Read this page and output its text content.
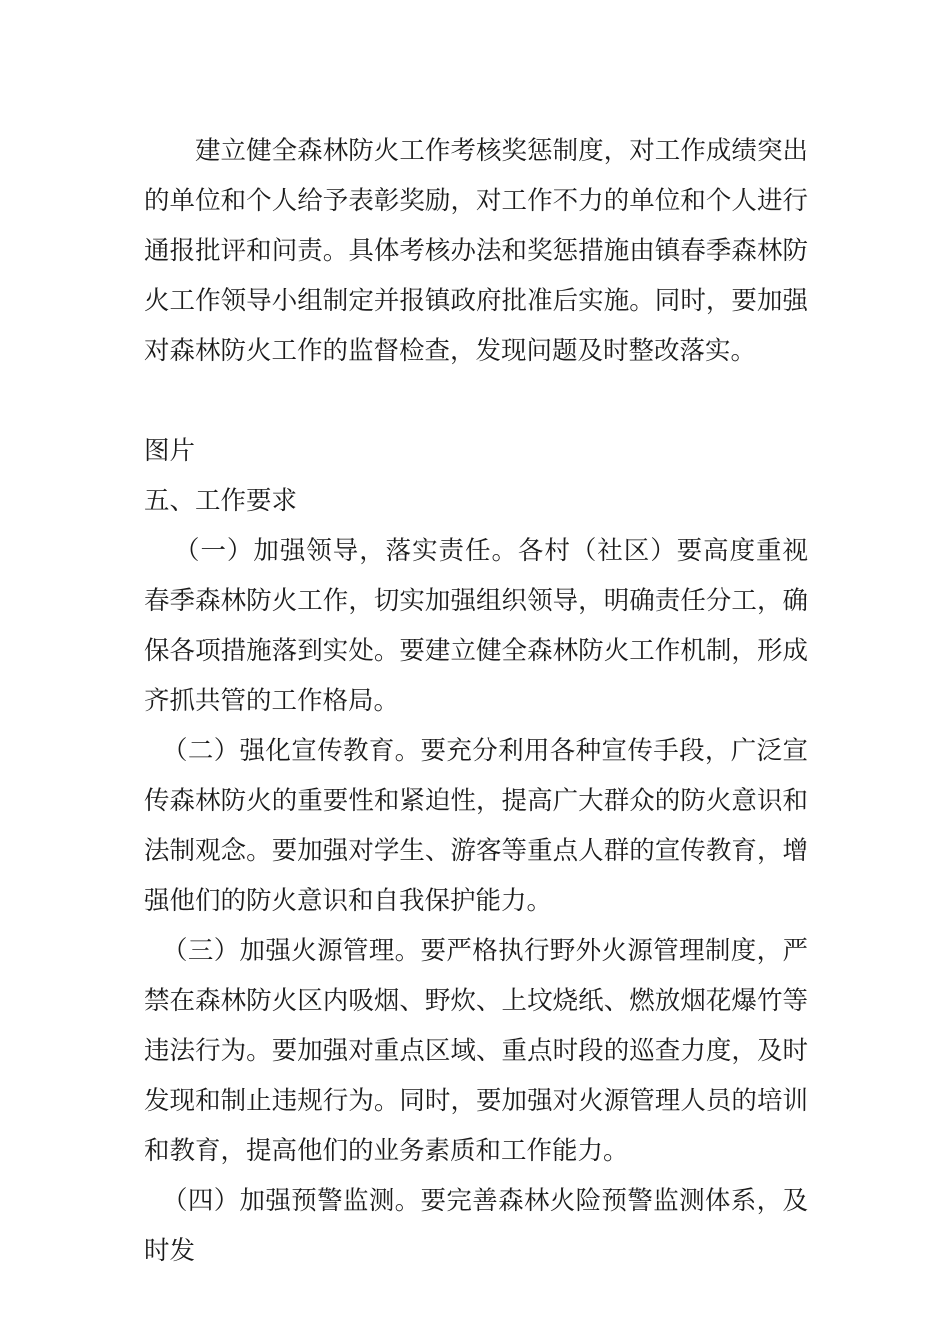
建立健全森林防火工作考核奖惩制度，对工作成绩突出的单位和个人给予表彰奖励，对工作不力的单位和个人进行通报批评和问责。具体考核办法和奖惩措施由镇春季森林防火工作领导小组制定并报镇政府批准后实施。同时，要加强对森林防火工作的监督检查，发现问题及时整改落实。

图片

五、工作要求

（一）加强领导，落实责任。各村（社区）要高度重视春季森林防火工作，切实加强组织领导，明确责任分工，确保各项措施落到实处。要建立健全森林防火工作机制，形成齐抓共管的工作格局。

（二）强化宣传教育。要充分利用各种宣传手段，广泛宣传森林防火的重要性和紧迫性，提高广大群众的防火意识和法制观念。要加强对学生、游客等重点人群的宣传教育，增强他们的防火意识和自我保护能力。

（三）加强火源管理。要严格执行野外火源管理制度，严禁在森林防火区内吸烟、野炊、上坟烧纸、燃放烟花爆竹等违法行为。要加强对重点区域、重点时段的巡查力度，及时发现和制止违规行为。同时，要加强对火源管理人员的培训和教育，提高他们的业务素质和工作能力。

（四）加强预警监测。要完善森林火险预警监测体系，及时发
